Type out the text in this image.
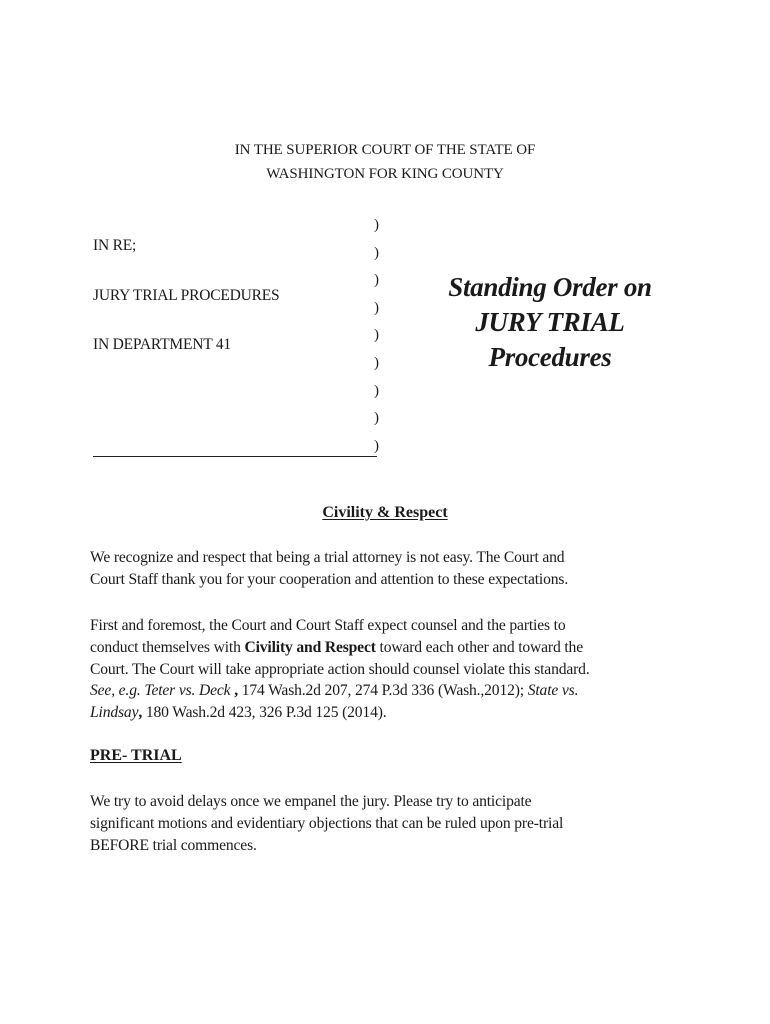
IN THE SUPERIOR COURT OF THE STATE OF
WASHINGTON FOR KING COUNTY
IN RE;
JURY TRIAL PROCEDURES
IN DEPARTMENT 41
)
)
)
)
)
)
)
)
)
Standing Order on
JURY TRIAL
Procedures
Civility & Respect
We recognize and respect that being a trial attorney is not easy. The Court and
Court Staff thank you for your cooperation and attention to these expectations.
First and foremost, the Court and Court Staff expect counsel and the parties to
conduct themselves with Civility and Respect toward each other and toward the
Court. The Court will take appropriate action should counsel violate this standard.
See, e.g. Teter vs. Deck , 174 Wash.2d 207, 274 P.3d 336 (Wash.,2012); State vs.
Lindsay, 180 Wash.2d 423, 326 P.3d 125 (2014).
PRE- TRIAL
We try to avoid delays once we empanel the jury. Please try to anticipate
significant motions and evidentiary objections that can be ruled upon pre-trial
BEFORE trial commences.
